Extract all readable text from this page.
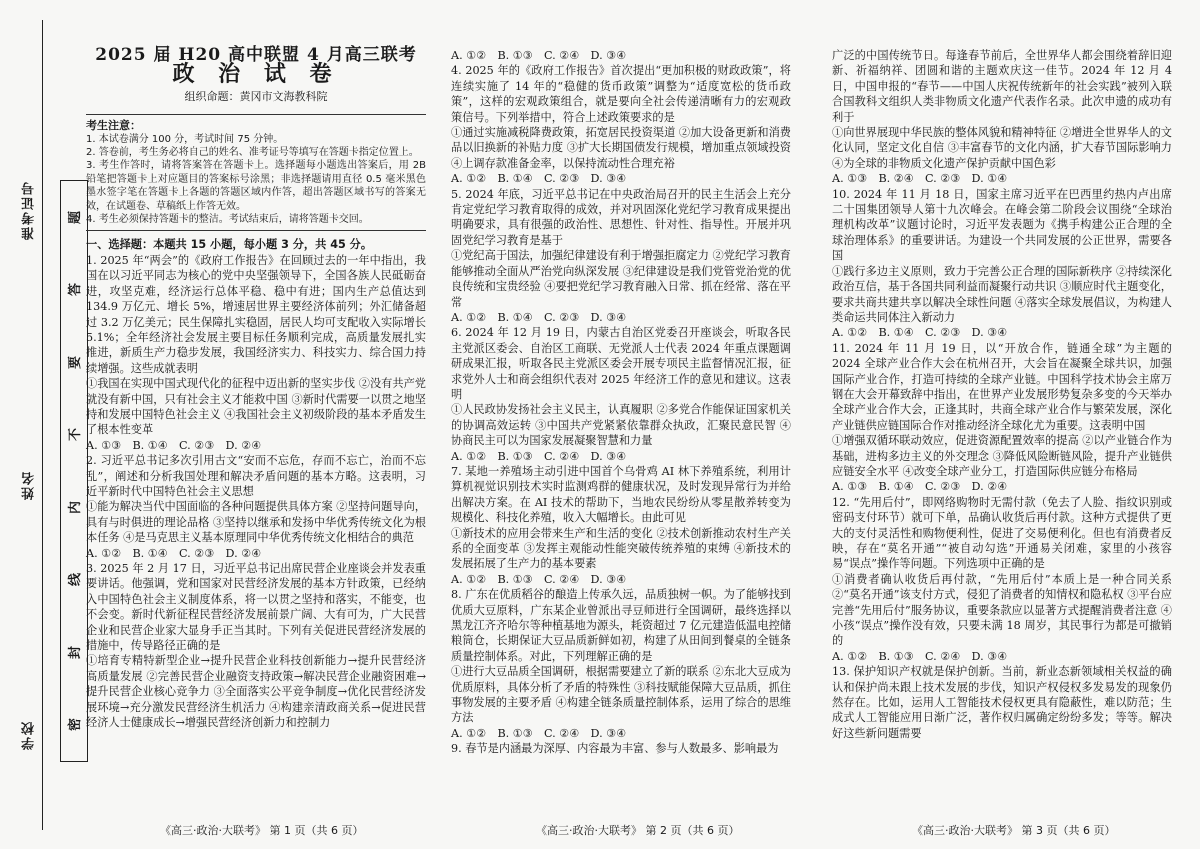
学校
姓名
准考证号	题
答
要
不
内
线
封
密
2025 届 H20 高中联盟 4 月高三联考
政 治 试 卷
组织命题：黄冈市文海教科院
考生注意：

1. 本试卷满分 100 分，考试时间 75 分钟。

2. 答卷前，考生务必将自己的姓名、准考证号等填写在答题卡指定位置上。

3. 考生作答时，请将答案答在答题卡上。选择题每小题选出答案后，用 2B 铅笔把答题卡上对应题目的答案标号涂黑；非选择题请用直径 0.5 毫米黑色墨水签字笔在答题卡上各题的答题区域内作答，超出答题区域书写的答案无效，在试题卷、草稿纸上作答无效。

4. 考生必须保持答题卡的整洁。考试结束后，请将答题卡交回。

一、选择题：本题共 15 小题，每小题 3 分，共 45 分。

1. 2025 年“两会”的《政府工作报告》在回顾过去的一年中指出，我国在以习近平同志为核心的党中央坚强领导下，全国各族人民砥砺奋进，攻坚克难，经济运行总体平稳、稳中有进；国内生产总值达到 134.9 万亿元、增长 5%，增速居世界主要经济体前列；外汇储备超过 3.2 万亿美元；民生保障扎实稳固，居民人均可支配收入实际增长 5.1%；全年经济社会发展主要目标任务顺利完成，高质量发展扎实推进，新质生产力稳步发展，我国经济实力、科技实力、综合国力持续增强。这些成就表明

①我国在实现中国式现代化的征程中迈出新的坚实步伐 ②没有共产党就没有新中国，只有社会主义才能救中国 ③新时代需要一以贯之地坚持和发展中国特色社会主义 ④我国社会主义初级阶段的基本矛盾发生了根本性变革

A. ①③　B. ①④　C. ②③　D. ②④

2. 习近平总书记多次引用古文“安而不忘危，存而不忘亡，治而不忘乱”，阐述和分析我国处理和解决矛盾问题的基本方略。这表明，习近平新时代中国特色社会主义思想

①能为解决当代中国面临的各种问题提供具体方案 ②坚持问题导向，具有与时俱进的理论品格 ③坚持以继承和发扬中华优秀传统文化为根本任务 ④是马克思主义基本原理同中华优秀传统文化相结合的典范

A. ①②　B. ①④　C. ②③　D. ②④

3. 2025 年 2 月 17 日，习近平总书记出席民营企业座谈会并发表重要讲话。他强调，党和国家对民营经济发展的基本方针政策，已经纳入中国特色社会主义制度体系，将一以贯之坚持和落实，不能变，也不会变。新时代新征程民营经济发展前景广阔、大有可为，广大民营企业和民营企业家大显身手正当其时。下列有关促进民营经济发展的措施中，传导路径正确的是

①培育专精特新型企业→提升民营企业科技创新能力→提升民营经济高质量发展 ②完善民营企业融资支持政策→解决民营企业融资困难→提升民营企业核心竞争力 ③全面落实公平竞争制度→优化民营经济发展环境→充分激发民营经济生机活力 ④构建亲清政商关系→促进民营经济人士健康成长→增强民营经济创新力和控制力

A. ①②　B. ①③　C. ②④　D. ③④

4. 2025 年的《政府工作报告》首次提出“更加积极的财政政策”，将连续实施了 14 年的“稳健的货币政策”调整为“适度宽松的货币政策”，这样的宏观政策组合，就是要向全社会传递清晰有力的宏观政策信号。下列举措中，符合上述政策要求的是

①通过实施减税降费政策，拓宽居民投资渠道 ②加大设备更新和消费品以旧换新的补贴力度 ③扩大长期国债发行规模，增加重点领域投资 ④上调存款准备金率，以保持流动性合理充裕

A. ①②　B. ①④　C. ②③　D. ③④

5. 2024 年底，习近平总书记在中央政治局召开的民主生活会上充分肯定党纪学习教育取得的成效，并对巩固深化党纪学习教育成果提出明确要求，具有很强的政治性、思想性、针对性、指导性。开展并巩固党纪学习教育是基于

①党纪高于国法，加强纪律建设有利于增强拒腐定力 ②党纪学习教育能够推动全面从严治党向纵深发展 ③纪律建设是我们党管党治党的优良传统和宝贵经验 ④要把党纪学习教育融入日常、抓在经常、落在平常

A. ①②　B. ①④　C. ②③　D. ③④

6. 2024 年 12 月 19 日，内蒙古自治区党委召开座谈会，听取各民主党派区委会、自治区工商联、无党派人士代表 2024 年重点课题调研成果汇报，听取各民主党派区委会开展专项民主监督情况汇报，征求党外人士和商会组织代表对 2025 年经济工作的意见和建议。这表明

①人民政协发扬社会主义民主，认真履职 ②多党合作能保证国家机关的协调高效运转 ③中国共产党紧紧依靠群众执政，汇聚民意民智 ④协商民主可以为国家发展凝聚智慧和力量

A. ①②　B. ①③　C. ②④　D. ③④

7. 某地一养殖场主动引进中国首个乌骨鸡 AI 林下养殖系统，利用计算机视觉识别技术实时监测鸡群的健康状况，及时发现异常行为并给出解决方案。在 AI 技术的帮助下，当地农民纷纷从零星散养转变为规模化、科技化养殖，收入大幅增长。由此可见

①新技术的应用会带来生产和生活的变化 ②技术创新推动农村生产关系的全面变革 ③发挥主观能动性能突破传统养殖的束缚 ④新技术的发展拓展了生产力的基本要素

A. ①②　B. ①③　C. ②④　D. ③④

8. 广东在优质稻谷的酿造上传承久远，品质独树一帜。为了能够找到优质大豆原料，广东某企业曾派出寻豆师进行全国调研，最终选择以黑龙江齐齐哈尔等种植基地为源头，耗资超过 7 亿元建造低温电控储粮筒仓，长期保证大豆品质新鲜如初，构建了从田间到餐桌的全链条质量控制体系。对此，下列理解正确的是

①进行大豆品质全国调研，根据需要建立了新的联系 ②东北大豆成为优质原料，具体分析了矛盾的特殊性 ③科技赋能保障大豆品质，抓住事物发展的主要矛盾 ④构建全链条质量控制体系，运用了综合的思维方法

A. ①②　B. ①③　C. ②④　D. ③④

9. 春节是内涵最为深厚、内容最为丰富、参与人数最多、影响最为

广泛的中国传统节日。每逢春节前后，全世界华人都会围绕着辞旧迎新、祈福纳祥、团圆和谐的主题欢庆这一佳节。2024 年 12 月 4 日，中国申报的“春节——中国人庆祝传统新年的社会实践”被列入联合国教科文组织人类非物质文化遗产代表作名录。此次申遗的成功有利于

①向世界展现中华民族的整体风貌和精神特征 ②增进全世界华人的文化认同，坚定文化自信 ③丰富春节的文化内涵，扩大春节国际影响力 ④为全球的非物质文化遗产保护贡献中国色彩

A. ①③　B. ②④　C. ②③　D. ①④

10. 2024 年 11 月 18 日，国家主席习近平在巴西里约热内卢出席二十国集团领导人第十九次峰会。在峰会第二阶段会议围绕“全球治理机构改革”议题讨论时，习近平发表题为《携手构建公正合理的全球治理体系》的重要讲话。为建设一个共同发展的公正世界，需要各国

①践行多边主义原则，致力于完善公正合理的国际新秩序 ②持续深化政治互信，基于各国共同利益而凝聚行动共识 ③顺应时代主题变化，要求共商共建共享以解决全球性问题 ④落实全球发展倡议，为构建人类命运共同体注入新动力

A. ①②　B. ①④　C. ②③　D. ③④

11. 2024 年 11 月 19 日，以“开放合作，链通全球”为主题的 2024 全球产业合作大会在杭州召开，大会旨在凝聚全球共识，加强国际产业合作，打造可持续的全球产业链。中国科学技术协会主席万钢在大会开幕致辞中指出，在世界产业发展形势复杂多变的今天举办全球产业合作大会，正逢其时，共商全球产业合作与繁荣发展，深化产业链供应链国际合作对推动经济全球化尤为重要。这表明中国

①增强双循环联动效应，促进资源配置效率的提高 ②以产业链合作为基础，进构多边主义的外交理念 ③降低风险断链风险，提升产业链供应链安全水平 ④改变全球产业分工，打造国际供应链分布格局

A. ①③　B. ①④　C. ②③　D. ②④

12. “先用后付”，即网络购物时无需付款（免去了人脸、指纹识别或密码支付环节）就可下单，品确认收货后再付款。这种方式提供了更大的支付灵活性和购物便利性，促进了交易便利化。但也有消费者反映，存在“莫名开通”“被自动勾选”开通易关闭难，家里的小孩容易“误点”操作等问题。下列选项中正确的是

①消费者确认收货后再付款，“先用后付”本质上是一种合同关系 ②“莫名开通”该支付方式，侵犯了消费者的知情权和隐私权 ③平台应完善“先用后付”服务协议，重要条款应以显著方式提醒消费者注意 ④小孩“误点”操作没有效，只要未满 18 周岁，其民事行为都是可撤销的

A. ①②　B. ①③　C. ②④　D. ③④

13. 保护知识产权就是保护创新。当前，新业态新领域相关权益的确认和保护尚未跟上技术发展的步伐，知识产权侵权多发易发的现象仍然存在。比如，运用人工智能技术侵权更具有隐蔽性，难以防范；生成式人工智能应用日渐广泛，著作权归属确定纷纷多发；等等。解决好这些新问题需要

《高三·政治·大联考》 第 1 页（共 6 页）	《高三·政治·大联考》 第 2 页（共 6 页）	《高三·政治·大联考》 第 3 页（共 6 页）
